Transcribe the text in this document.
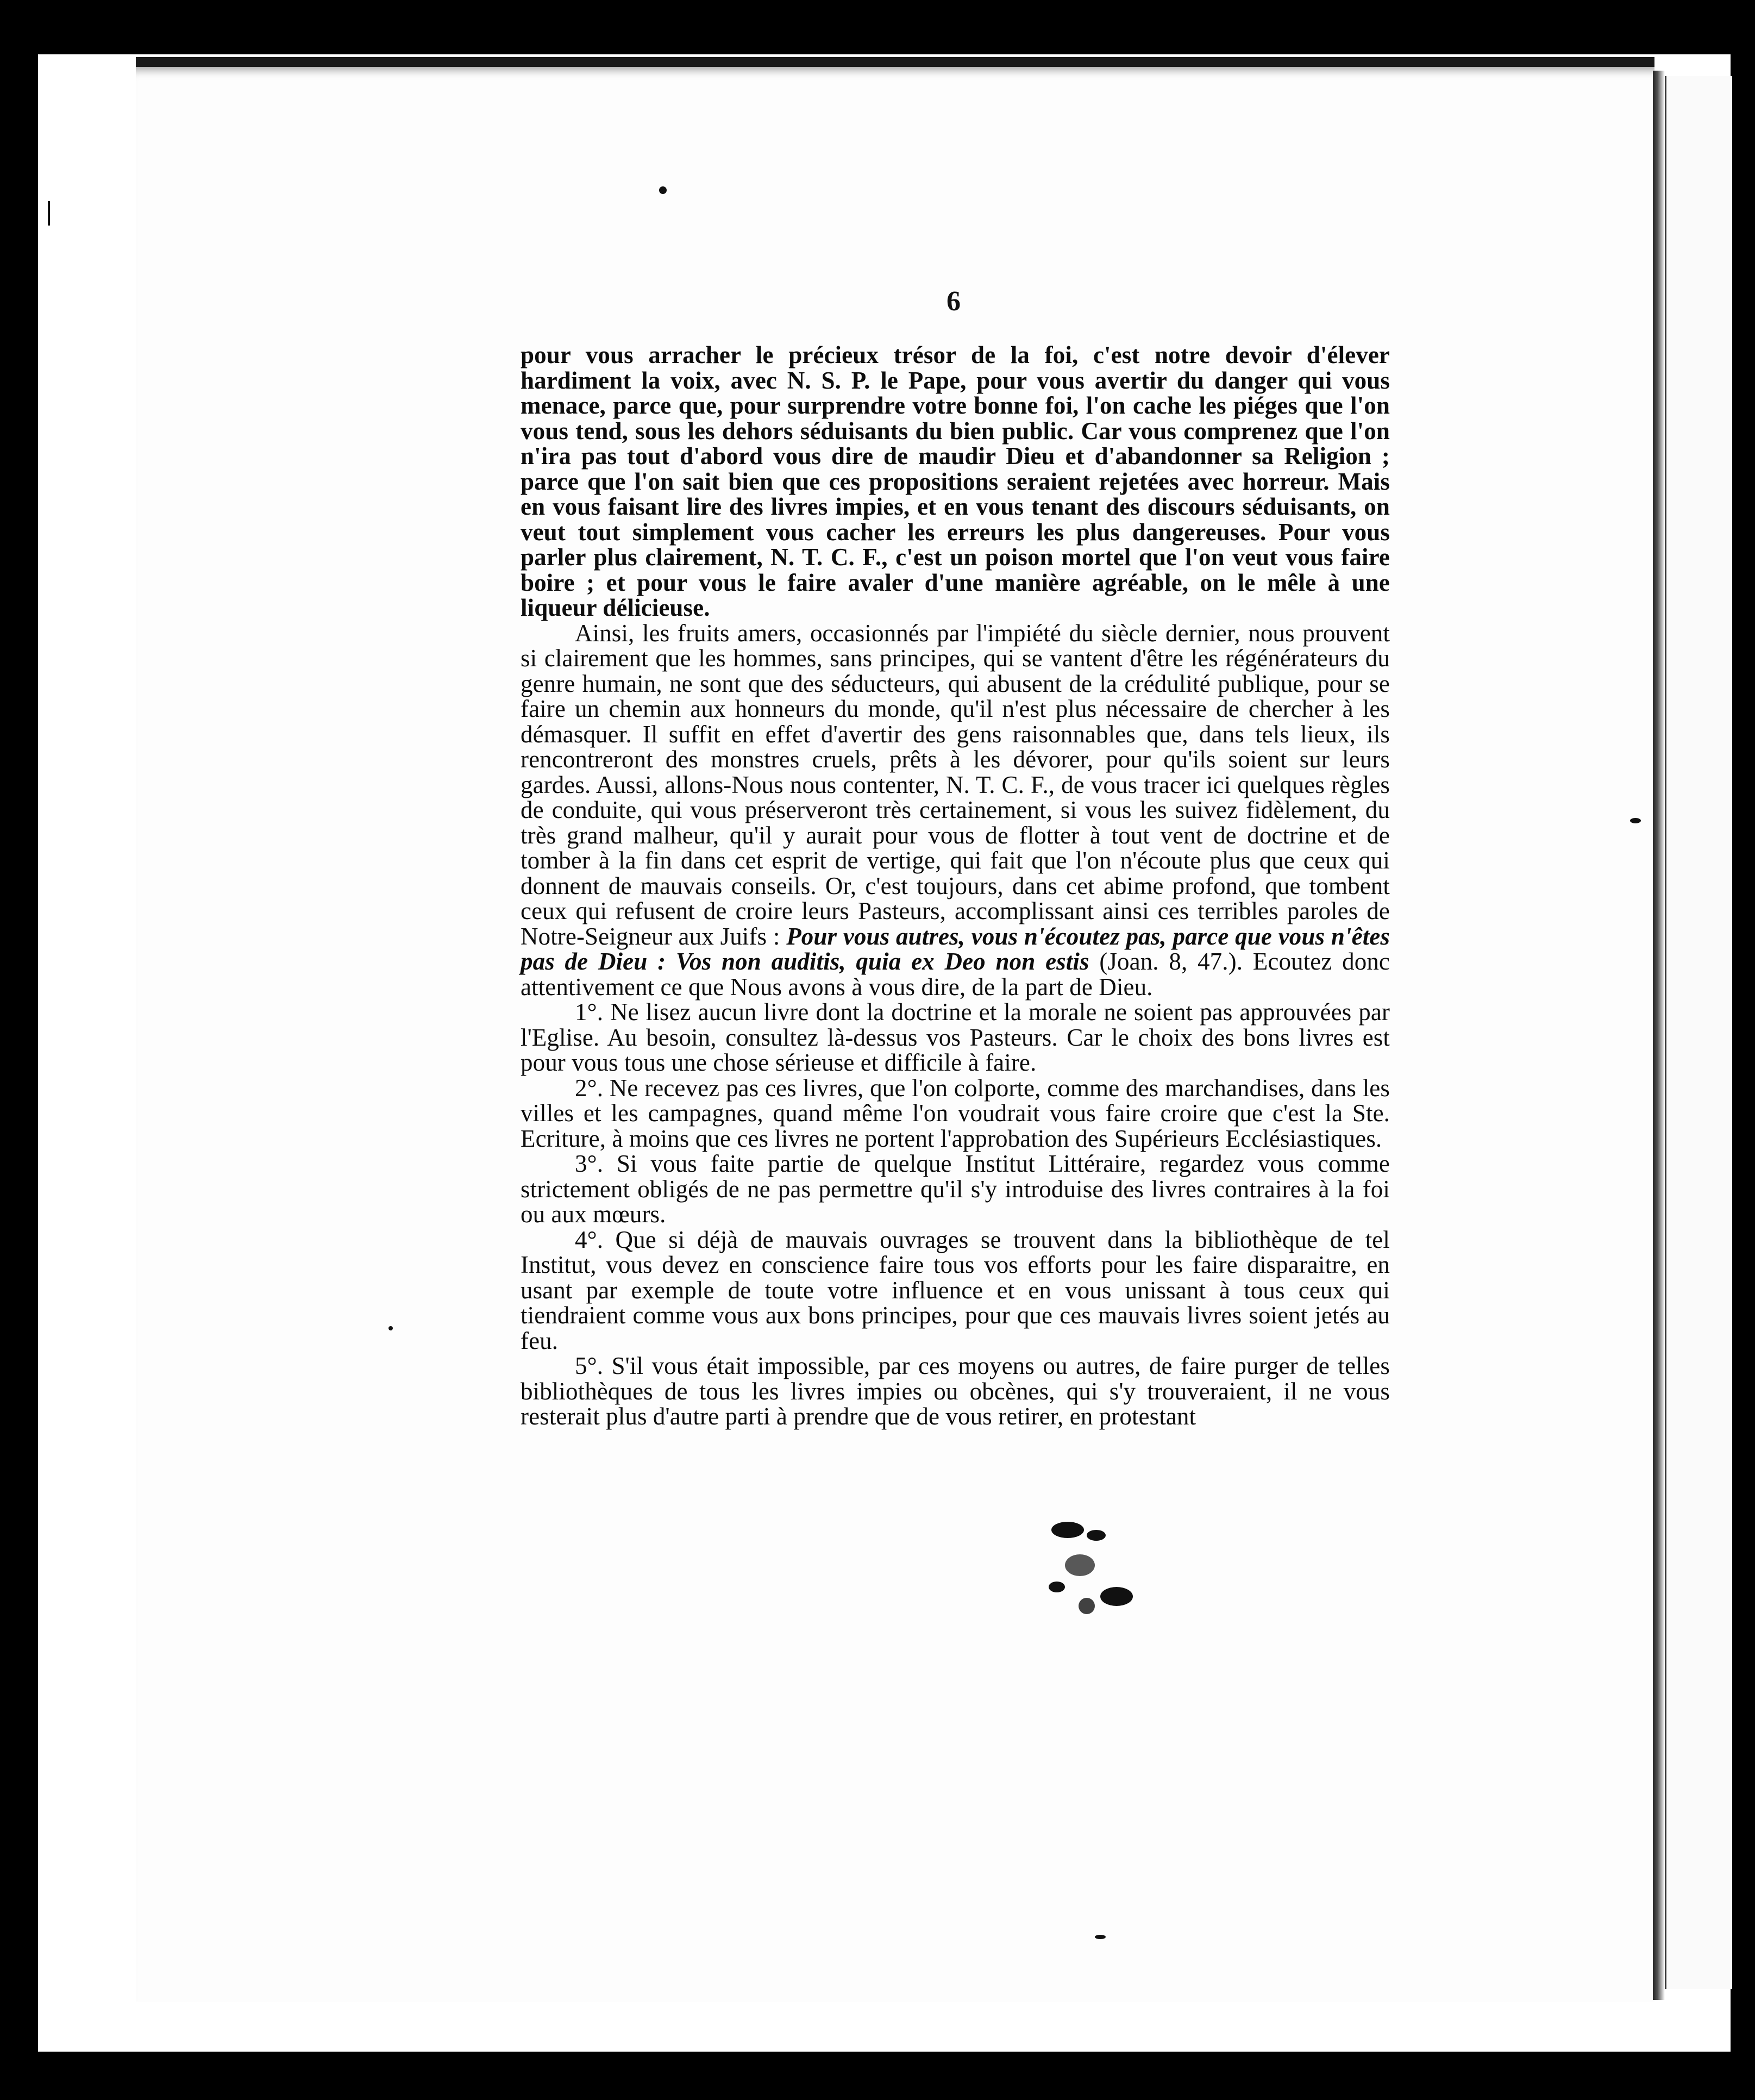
6

pour vous arracher le précieux trésor de la foi, c'est notre devoir d'élever hardiment la voix, avec N. S. P. le Pape, pour vous avertir du danger qui vous menace, parce que, pour surprendre votre bonne foi, l'on cache les piéges que l'on vous tend, sous les dehors séduisants du bien public. Car vous comprenez que l'on n'ira pas tout d'abord vous dire de maudir Dieu et d'abandonner sa Religion ; parce que l'on sait bien que ces propositions seraient rejetées avec horreur. Mais en vous faisant lire des livres impies, et en vous tenant des discours séduisants, on veut tout simplement vous cacher les erreurs les plus dangereuses. Pour vous parler plus clairement, N. T. C. F., c'est un poison mortel que l'on veut vous faire boire ; et pour vous le faire avaler d'une manière agréable, on le mêle à une liqueur délicieuse.

Ainsi, les fruits amers, occasionnés par l'impiété du siècle dernier, nous prouvent si clairement que les hommes, sans principes, qui se vantent d'être les régénérateurs du genre humain, ne sont que des séducteurs, qui abusent de la crédulité publique, pour se faire un chemin aux honneurs du monde, qu'il n'est plus nécessaire de chercher à les démasquer. Il suffit en effet d'avertir des gens raisonnables que, dans tels lieux, ils rencontreront des monstres cruels, prêts à les dévorer, pour qu'ils soient sur leurs gardes. Aussi, allons-Nous nous contenter, N. T. C. F., de vous tracer ici quelques règles de conduite, qui vous préserveront très certainement, si vous les suivez fidèlement, du très grand malheur, qu'il y aurait pour vous de flotter à tout vent de doctrine et de tomber à la fin dans cet esprit de vertige, qui fait que l'on n'écoute plus que ceux qui donnent de mauvais conseils. Or, c'est toujours, dans cet abime profond, que tombent ceux qui refusent de croire leurs Pasteurs, accomplissant ainsi ces terribles paroles de Notre-Seigneur aux Juifs : Pour vous autres, vous n'écoutez pas, parce que vous n'êtes pas de Dieu : Vos non auditis, quia ex Deo non estis (Joan. 8, 47.). Ecoutez donc attentivement ce que Nous avons à vous dire, de la part de Dieu.

1°. Ne lisez aucun livre dont la doctrine et la morale ne soient pas approuvées par l'Eglise. Au besoin, consultez là-dessus vos Pasteurs. Car le choix des bons livres est pour vous tous une chose sérieuse et difficile à faire.

2°. Ne recevez pas ces livres, que l'on colporte, comme des marchandises, dans les villes et les campagnes, quand même l'on voudrait vous faire croire que c'est la Ste. Ecriture, à moins que ces livres ne portent l'approbation des Supérieurs Ecclésiastiques.

3°. Si vous faite partie de quelque Institut Littéraire, regardez vous comme strictement obligés de ne pas permettre qu'il s'y introduise des livres contraires à la foi ou aux mœurs.

4°. Que si déjà de mauvais ouvrages se trouvent dans la bibliothèque de tel Institut, vous devez en conscience faire tous vos efforts pour les faire disparaitre, en usant par exemple de toute votre influence et en vous unissant à tous ceux qui tiendraient comme vous aux bons principes, pour que ces mauvais livres soient jetés au feu.

5°. S'il vous était impossible, par ces moyens ou autres, de faire purger de telles bibliothèques de tous les livres impies ou obcènes, qui s'y trouveraient, il ne vous resterait plus d'autre parti à prendre que de vous retirer, en protestant
